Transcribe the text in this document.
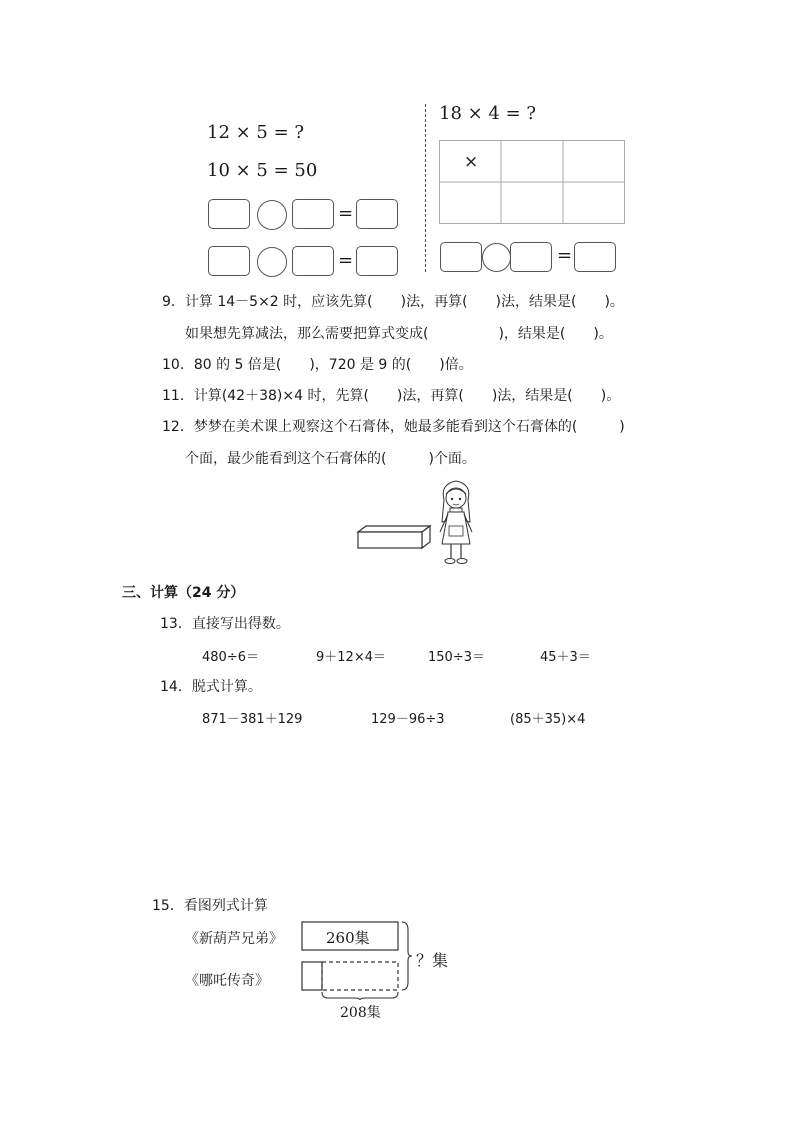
12 × 5 = ?
10 × 5 = 50
=
=
18 × 4 = ?
×
=
9．计算 14－5×2 时，应该先算(　　)法，再算(　　)法，结果是(　　)。
如果想先算减法，那么需要把算式变成(　　　　　)，结果是(　　)。
10．80 的 5 倍是(　　)，720 是 9 的(　　)倍。
11．计算(42＋38)×4 时，先算(　　)法，再算(　　)法，结果是(　　)。
12．梦梦在美术课上观察这个石膏体，她最多能看到这个石膏体的(　　　)
个面，最少能看到这个石膏体的(　　　)个面。
三、计算（24 分）
13．直接写出得数。
480÷6＝	9＋12×4＝	150÷3＝	45＋3＝
14．脱式计算。
871－381＋129	129－96÷3	(85＋35)×4
15．看图列式计算
《新葫芦兄弟》
《哪吒传奇》
260集
？集
208集
